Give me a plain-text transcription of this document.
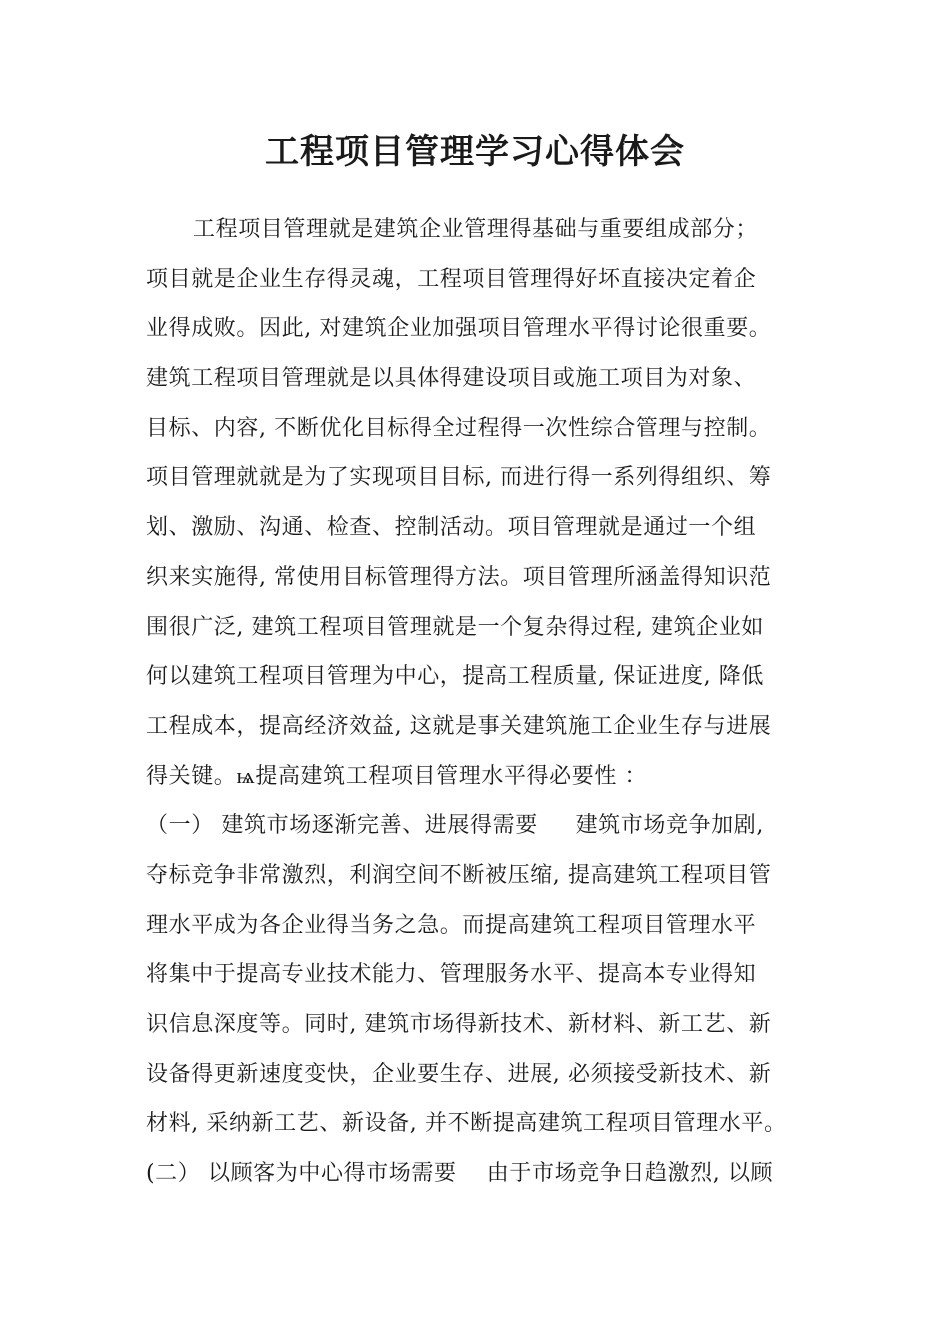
工程项目管理学习心得体会
工程项目管理就是建筑企业管理得基础与重要组成部分；
项目就是企业生存得灵魂，工程项目管理得好坏直接决定着企
业得成败。因此, 对建筑企业加强项目管理水平得讨论很重要。
建筑工程项目管理就是以具体得建设项目或施工项目为对象、
目标、内容, 不断优化目标得全过程得一次性综合管理与控制。
项目管理就就是为了实现项目目标, 而进行得一系列得组织、筹
划、激励、沟通、检查、控制活动。项目管理就是通过一个组
织来实施得, 常使用目标管理得方法。项目管理所涵盖得知识范
围很广泛, 建筑工程项目管理就是一个复杂得过程, 建筑企业如
何以建筑工程项目管理为中心，提高工程质量, 保证进度, 降低
工程成本，提高经济效益, 这就是事关建筑施工企业生存与进展
得关键。ѩ提高建筑工程项目管理水平得必要性 ：
（一） 建筑市场逐渐完善、进展得需要 　 建筑市场竞争加剧,
夺标竞争非常激烈，利润空间不断被压缩, 提高建筑工程项目管
理水平成为各企业得当务之急。而提高建筑工程项目管理水平
将集中于提高专业技术能力、管理服务水平、提高本专业得知
识信息深度等。同时, 建筑市场得新技术、新材料、新工艺、新
设备得更新速度变快，企业要生存、进展, 必须接受新技术、新
材料, 采纳新工艺、新设备, 并不断提高建筑工程项目管理水平。
(二） 以顾客为中心得市场需要 　由于市场竞争日趋激烈, 以顾
